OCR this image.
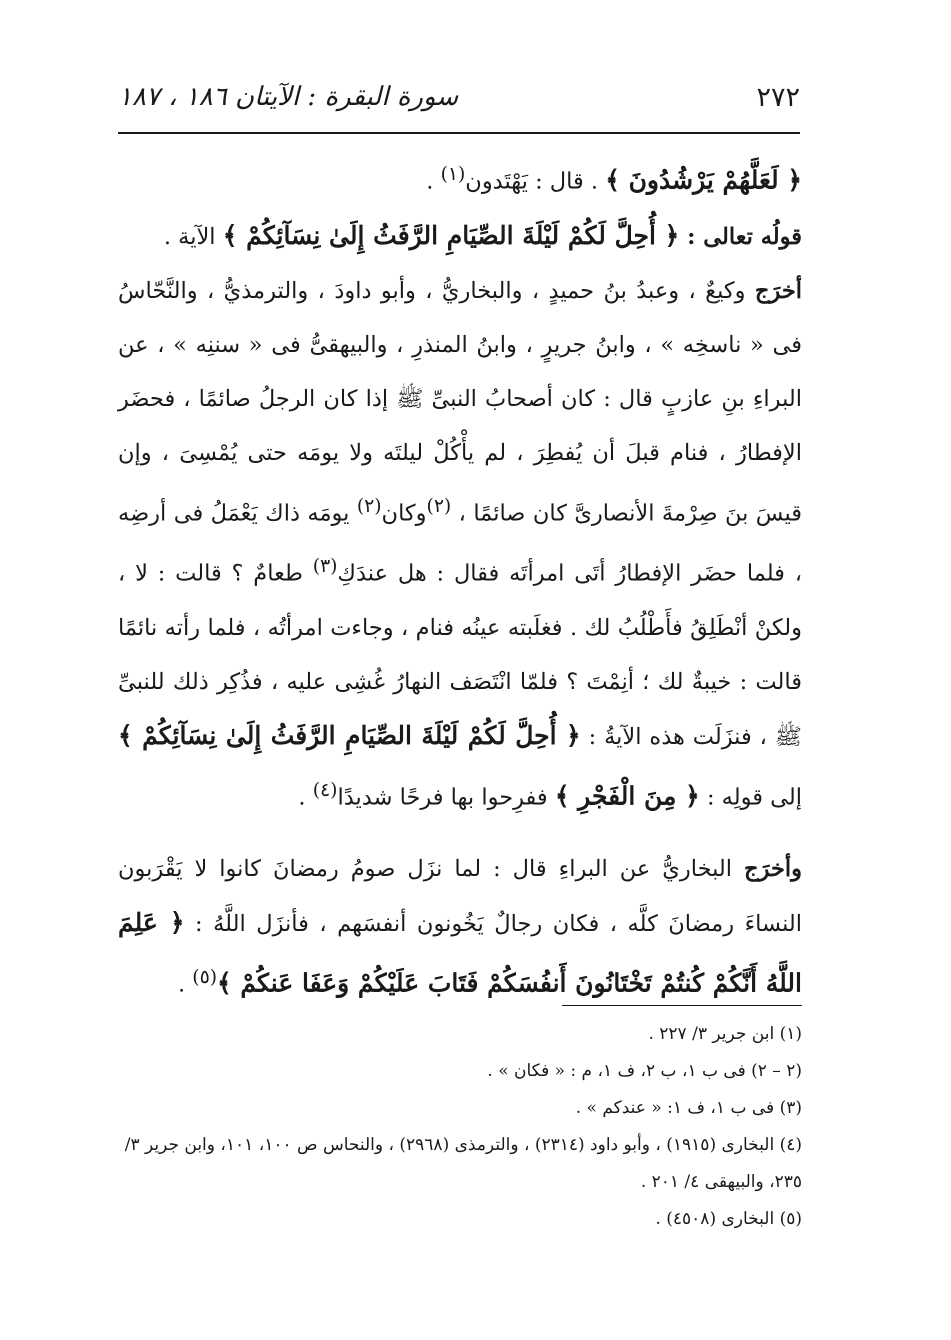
٢٧٢
سورة البقرة : الآيتان ١٨٦ ، ١٨٧

﴿ لَعَلَّهُمْ يَرْشُدُونَ ﴾ . قال : يَهْتَدون$^{(١)}$ .

قولُه تعالى : ﴿ أُحِلَّ لَكُمْ لَيْلَةَ الصِّيَامِ الرَّفَثُ إِلَىٰ نِسَآئِكُمْ ﴾ الآية .

أخرَج وكيعٌ ، وعبدُ بنُ حميدٍ ، والبخاريُّ ، وأبو داودَ ، والترمذيُّ ، والنَّحّاسُ فى « ناسخِه » ، وابنُ جريرٍ ، وابنُ المنذرِ ، والبيهقىُّ فى « سننِه » ، عن البراءِ بنِ عازبٍ قال : كان أصحابُ النبىِّ ﷺ إذا كان الرجلُ صائمًا ، فحضَر الإفطارُ ، فنام قبلَ أن يُفطِرَ ، لم يأْكُلْ ليلتَه ولا يومَه حتى يُمْسِىَ ، وإن قيسَ بنَ صِرْمةَ الأنصارىَّ كان صائمًا ، $^{(٢)}$وكان$^{(٢)}$ يومَه ذاك يَعْمَلُ فى أرضِه ، فلما حضَر الإفطارُ أتَى امرأتَه فقال : هل عندَكِ$^{(٣)}$ طعامٌ ؟ قالت : لا ، ولكنْ أنْطَلِقُ فأَطْلُبُ لك . فغلَبته عينُه فنام ، وجاءت امرأتُه ، فلما رأته نائمًا قالت : خيبةٌ لك ؛ أنِمْتَ ؟ فلمّا انْتَصَف النهارُ غُشِى عليه ، فذُكِر ذلك للنبىِّ ﷺ ، فنزَلَت هذه الآيةُ : ﴿ أُحِلَّ لَكُمْ لَيْلَةَ الصِّيَامِ الرَّفَثُ إِلَىٰ نِسَآئِكُمْ ﴾ إلى قولِه : ﴿ مِنَ الْفَجْرِ ﴾ ففرِحوا بها فرحًا شديدًا$^{(٤)}$ .

وأخرَج البخاريُّ عن البراءِ قال : لما نزَل صومُ رمضانَ كانوا لا يَقْرَبون النساءَ رمضانَ كلَّه ، فكان رجالٌ يَخُونون أنفسَهم ، فأنزَل اللَّهُ : ﴿ عَلِمَ اللَّهُ أَنَّكُمْ كُنتُمْ تَخْتَانُونَ أَنفُسَكُمْ فَتَابَ عَلَيْكُمْ وَعَفَا عَنكُمْ ﴾$^{(٥)}$ .

(١) ابن جرير ٣/ ٢٢٧ .

(٢ – ٢) فى ب ١، ب ٢، ف ١، م : « فكان » .

(٣) فى ب ١، ف ١: « عندكم » .

(٤) البخارى (١٩١٥) ، وأبو داود (٢٣١٤) ، والترمذى (٢٩٦٨) ، والنحاس ص ١٠٠، ١٠١، وابن جرير ٣/ ٢٣٥، والبيهقى ٤/ ٢٠١ .

(٥) البخارى (٤٥٠٨) .
